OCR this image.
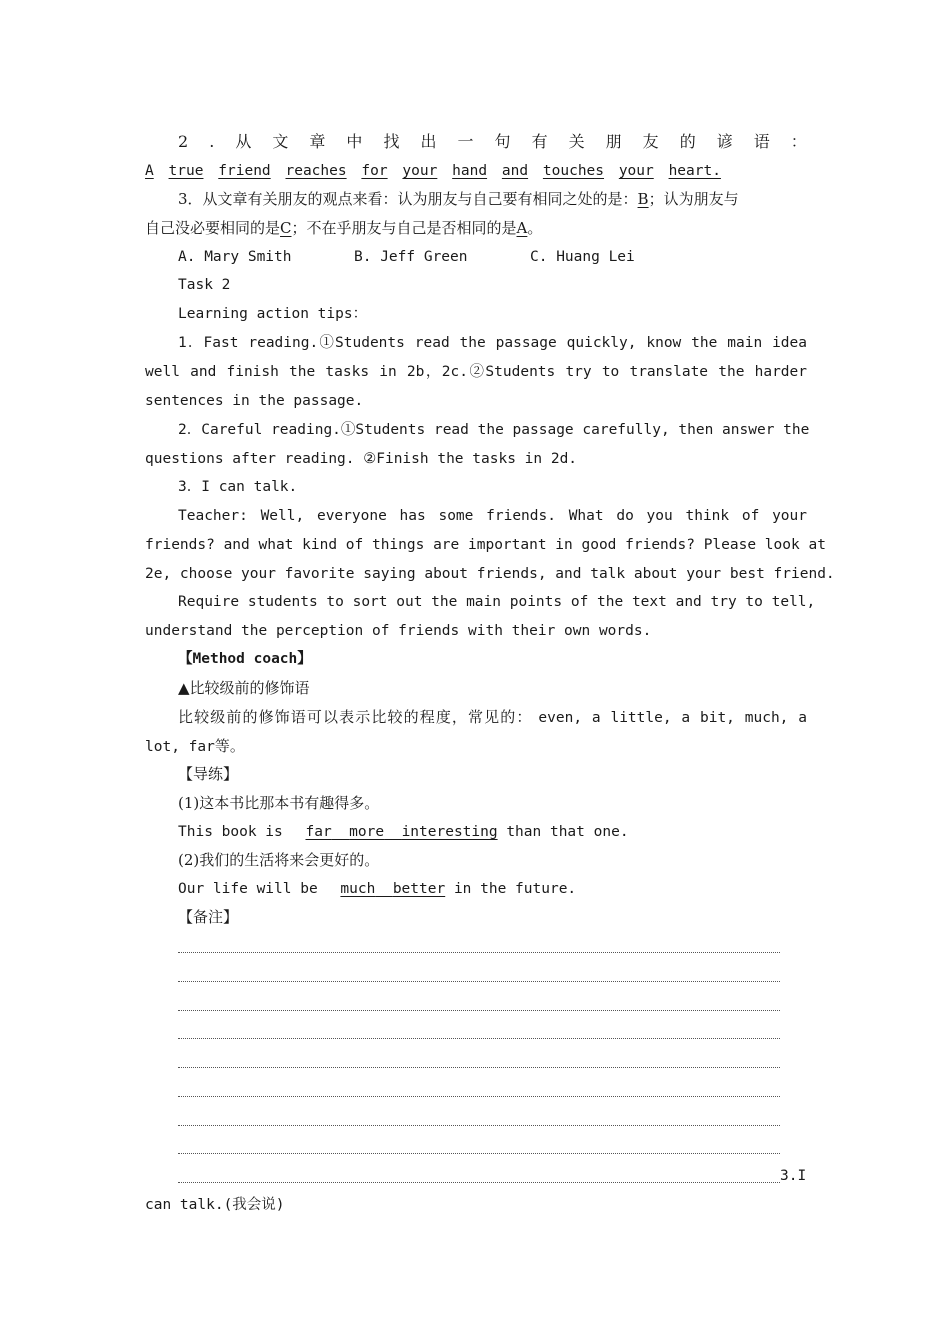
2 . 从 文 章 中 找 出 一 句 有 关 朋 友 的 谚 语 ：
A true friend reaches for your hand and touches your heart.
3．从文章有关朋友的观点来看：认为朋友与自己要有相同之处的是：B；认为朋友与
自己没必要相同的是C；不在乎朋友与自己是否相同的是A。
A. Mary Smith	B. Jeff Green	C. Huang Lei
Task 2
Learning action tips：
1．Fast reading.①Students read the passage quickly, know the main idea
well and finish the tasks in 2b，2c.②Students try to translate the harder
sentences in the passage.
2．Careful reading.①Students read the passage carefully, then answer the
questions after reading. ②Finish the tasks in 2d.
3．I can talk.
Teacher: Well, everyone has some friends. What do you think of your
friends? and what kind of things are important in good friends? Please look at
2e, choose your favorite saying about friends, and talk about your best friend.
Require students to sort out the main points of the text and try to tell,
understand the perception of friends with their own words.
【Method coach】
▲比较级前的修饰语
比较级前的修饰语可以表示比较的程度，常见的： even, a little, a bit, much, a
lot, far等。
【导练】
(1)这本书比那本书有趣得多。
This book is far more interesting than that one.
(2)我们的生活将来会更好的。
Our life will be much better in the future.
【备注】
3.I
can talk.(我会说)
